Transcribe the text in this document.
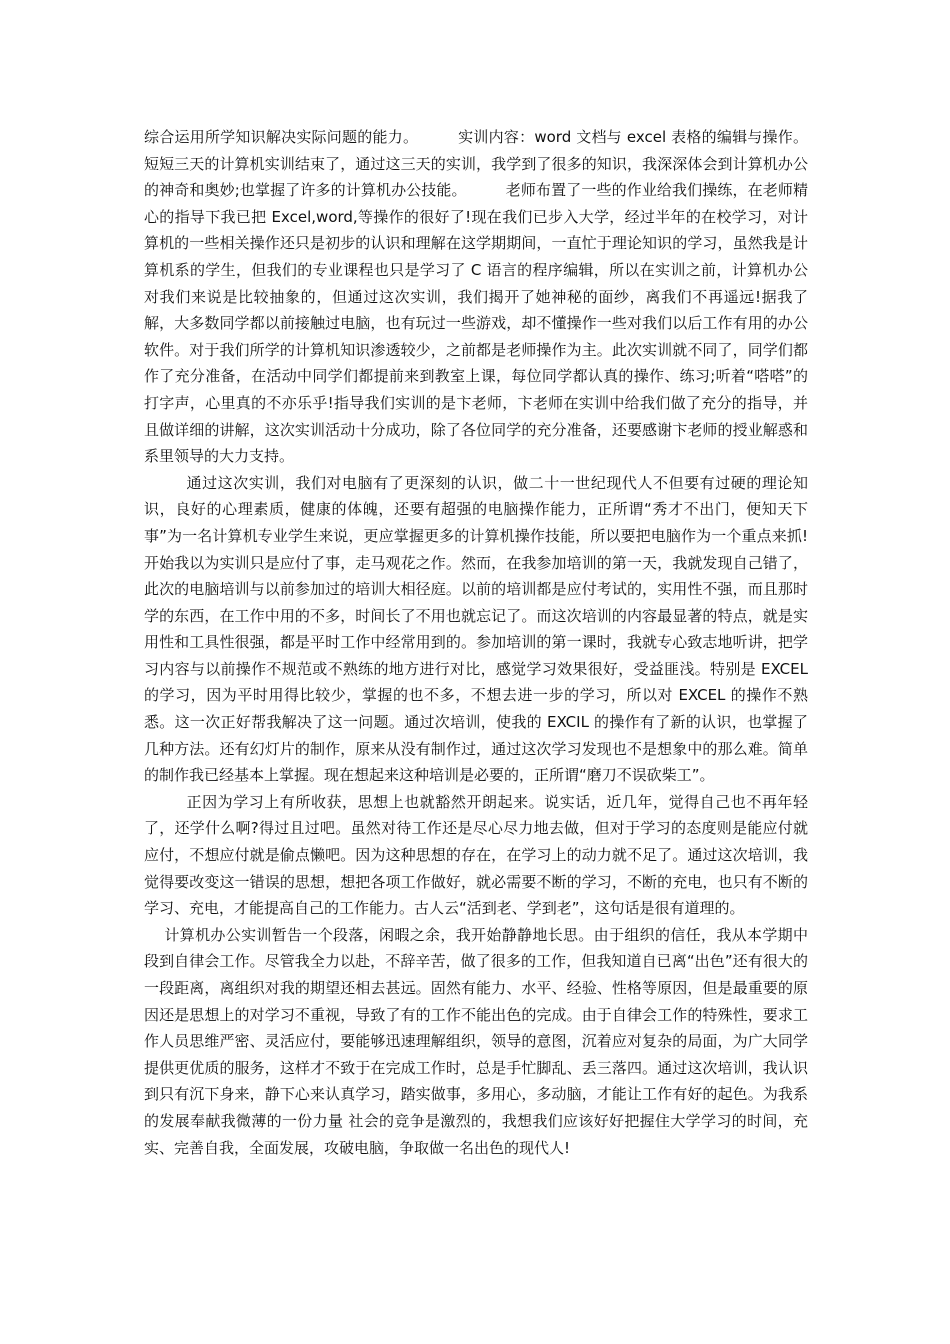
综合运用所学知识解决实际问题的能力。        实训内容：word 文档与 excel 表格的编辑与操作。        短短三天的计算机实训结束了，通过这三天的实训，我学到了很多的知识，我深深体会到计算机办公的神奇和奥妙;也掌握了许多的计算机办公技能。        老师布置了一些的作业给我们操练，在老师精心的指导下我已把 Excel,word,等操作的很好了!现在我们已步入大学，经过半年的在校学习，对计算机的一些相关操作还只是初步的认识和理解在这学期期间，一直忙于理论知识的学习，虽然我是计算机系的学生，但我们的专业课程也只是学习了 C 语言的程序编辑，所以在实训之前，计算机办公对我们来说是比较抽象的，但通过这次实训，我们揭开了她神秘的面纱，离我们不再遥远!据我了解，大多数同学都以前接触过电脑，也有玩过一些游戏，却不懂操作一些对我们以后工作有用的办公软件。对于我们所学的计算机知识渗透较少，之前都是老师操作为主。此次实训就不同了，同学们都作了充分准备，在活动中同学们都提前来到教室上课，每位同学都认真的操作、练习;听着“嗒嗒”的打字声，心里真的不亦乐乎!指导我们实训的是卞老师，卞老师在实训中给我们做了充分的指导，并且做详细的讲解，这次实训活动十分成功，除了各位同学的充分准备，还要感谢卞老师的授业解惑和系里领导的大力支持。

通过这次实训，我们对电脑有了更深刻的认识，做二十一世纪现代人不但要有过硬的理论知识，良好的心理素质，健康的体魄，还要有超强的电脑操作能力，正所谓“秀才不出门，便知天下事”为一名计算机专业学生来说，更应掌握更多的计算机操作技能，所以要把电脑作为一个重点来抓!        开始我以为实训只是应付了事，走马观花之作。然而，在我参加培训的第一天，我就发现自己错了，此次的电脑培训与以前参加过的培训大相径庭。以前的培训都是应付考试的，实用性不强，而且那时学的东西，在工作中用的不多，时间长了不用也就忘记了。而这次培训的内容最显著的特点，就是实用性和工具性很强，都是平时工作中经常用到的。参加培训的第一课时，我就专心致志地听讲，把学习内容与以前操作不规范或不熟练的地方进行对比，感觉学习效果很好，受益匪浅。特别是 EXCEL的学习，因为平时用得比较少，掌握的也不多，不想去进一步的学习，所以对 EXCEL 的操作不熟悉。这一次正好帮我解决了这一问题。通过次培训，使我的 EXCIL 的操作有了新的认识，也掌握了几种方法。还有幻灯片的制作，原来从没有制作过，通过这次学习发现也不是想象中的那么难。简单的制作我已经基本上掌握。现在想起来这种培训是必要的，正所谓“磨刀不误砍柴工”。

正因为学习上有所收获，思想上也就豁然开朗起来。说实话，近几年，觉得自己也不再年轻了，还学什么啊?得过且过吧。虽然对待工作还是尽心尽力地去做，但对于学习的态度则是能应付就应付，不想应付就是偷点懒吧。因为这种思想的存在，在学习上的动力就不足了。通过这次培训，我觉得要改变这一错误的思想，想把各项工作做好，就必需要不断的学习，不断的充电，也只有不断的学习、充电，才能提高自己的工作能力。古人云“活到老、学到老”，这句话是很有道理的。

计算机办公实训暂告一个段落，闲暇之余，我开始静静地长思。由于组织的信任，我从本学期中段到自律会工作。尽管我全力以赴，不辞辛苦，做了很多的工作，但我知道自已离“出色”还有很大的一段距离，离组织对我的期望还相去甚远。固然有能力、水平、经验、性格等原因，但是最重要的原因还是思想上的对学习不重视，导致了有的工作不能出色的完成。由于自律会工作的特殊性，要求工作人员思维严密、灵活应付，要能够迅速理解组织，领导的意图，沉着应对复杂的局面，为广大同学提供更优质的服务，这样才不致于在完成工作时，总是手忙脚乱、丢三落四。通过这次培训，我认识到只有沉下身来，静下心来认真学习，踏实做事，多用心，多动脑，才能让工作有好的起色。为我系的发展奉献我微薄的一份力量 社会的竞争是激烈的，我想我们应该好好把握住大学学习的时间，充实、完善自我，全面发展，攻破电脑，争取做一名出色的现代人!
